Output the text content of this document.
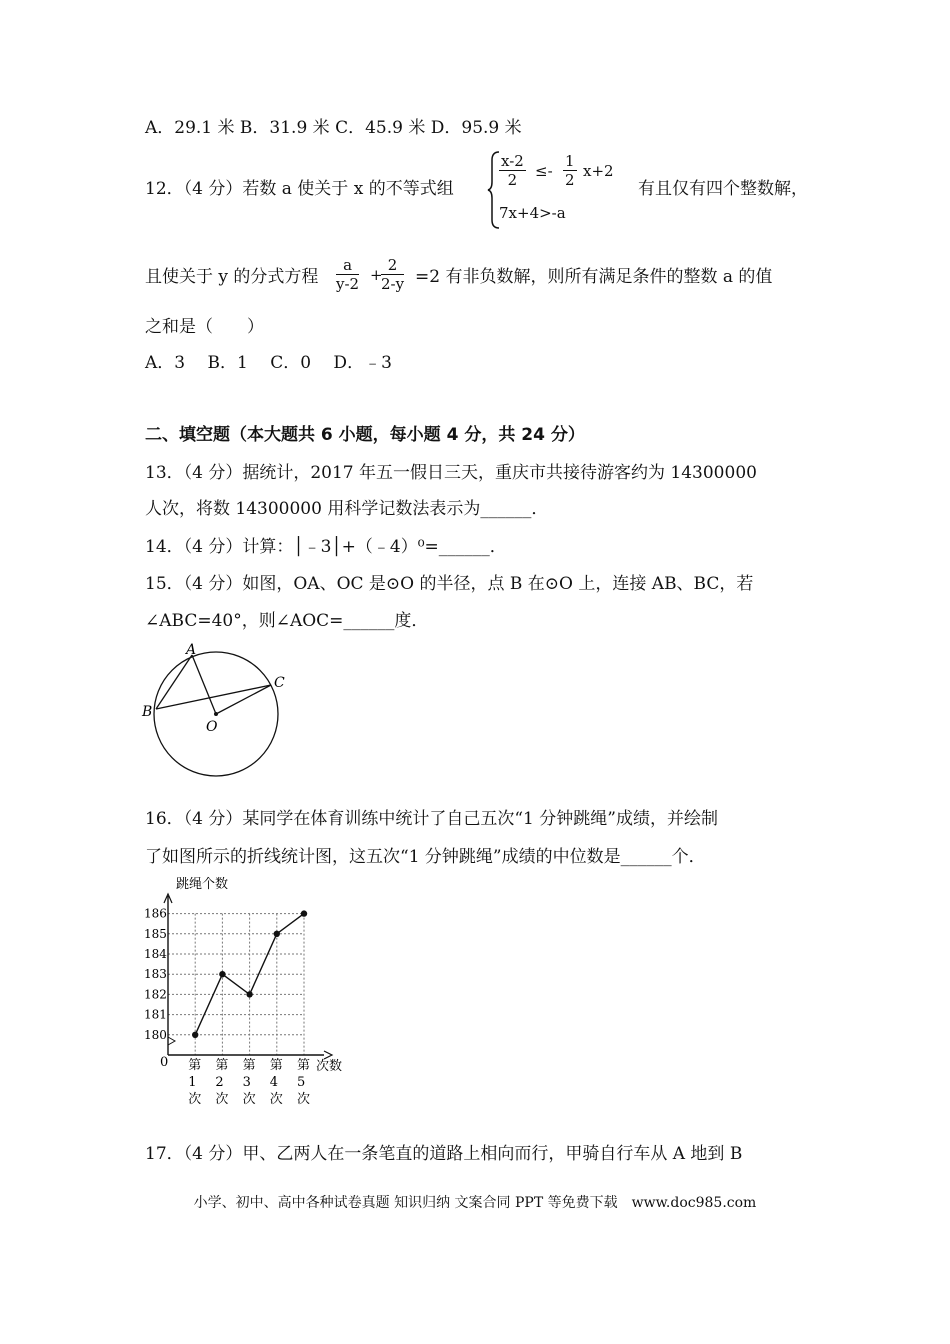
A．29.1 米 B．31.9 米 C．45.9 米 D．95.9 米
12．（4 分）若数 a 使关于 x 的不等式组	$\frac{x-2}{2} \le- \frac{1}{2} x+2$
7x+4>-a
有且仅有四个整数解，
且使关于 y 的分式方程 $\frac{a}{y-2}$ +
$\frac{2}{2-y} =2$ 有非负数解，则所有满足条件的整数 a 的值
之和是（　　）
A．3　 B．1　 C．0　 D．﹣3
二、填空题（本大题共 6 小题，每小题 4 分，共 24 分）
13．（4 分）据统计，2017 年五一假日三天，重庆市共接待游客约为 14300000
人次，将数 14300000 用科学记数法表示为______．
14．（4 分）计算：│﹣3│+（﹣4）⁰=______．
15．（4 分）如图，OA、OC 是⊙O 的半径，点 B 在⊙O 上，连接 AB、BC，若
∠ABC=40°，则∠AOC=______度．
A
B
C
O
16．（4 分）某同学在体育训练中统计了自己五次“1 分钟跳绳”成绩，并绘制
了如图所示的折线统计图，这五次“1 分钟跳绳”成绩的中位数是______个．
跳绳个数
次数
0
180
181
182
183
184
185
186
第
1
次
第
2
次
第
3
次
第
4
次
第
5
次
17．（4 分）甲、乙两人在一条笔直的道路上相向而行，甲骑自行车从 A 地到 B
小学、初中、高中各种试卷真题 知识归纳 文案合同 PPT 等免费下载　www.doc985.com
